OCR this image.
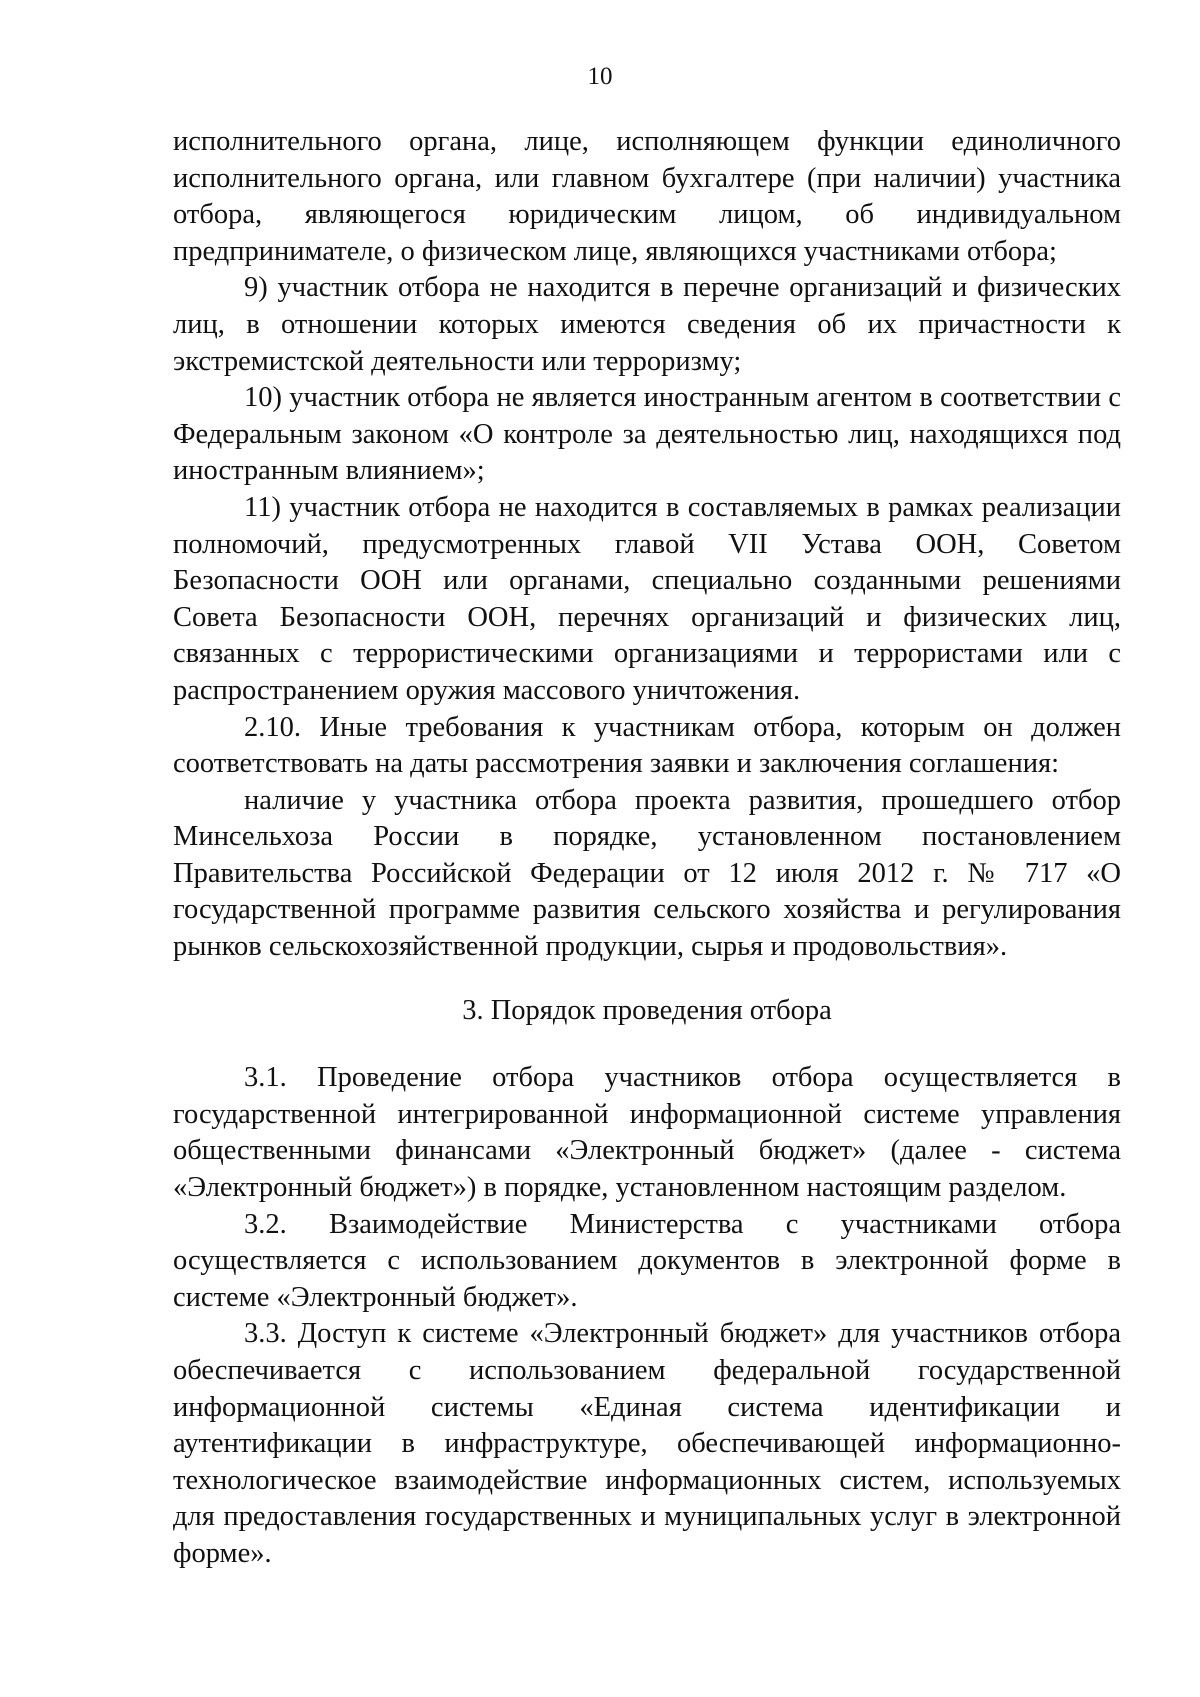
10

исполнительного органа, лице, исполняющем функции единоличного исполнительного органа, или главном бухгалтере (при наличии) участника отбора, являющегося юридическим лицом, об индивидуальном предпринимателе, о физическом лице, являющихся участниками отбора;

9) участник отбора не находится в перечне организаций и физических лиц, в отношении которых имеются сведения об их причастности к экстремистской деятельности или терроризму;

10) участник отбора не является иностранным агентом в соответствии с Федеральным законом «О контроле за деятельностью лиц, находящихся под иностранным влиянием»;

11) участник отбора не находится в составляемых в рамках реализации полномочий, предусмотренных главой VII Устава ООН, Советом Безопасности ООН или органами, специально созданными решениями Совета Безопасности ООН, перечнях организаций и физических лиц, связанных с террористическими организациями и террористами или с распространением оружия массового уничтожения.

2.10. Иные требования к участникам отбора, которым он должен соответствовать на даты рассмотрения заявки и заключения соглашения:

наличие у участника отбора проекта развития, прошедшего отбор Минсельхоза России в порядке, установленном постановлением Правительства Российской Федерации от 12 июля 2012 г. № 717 «О государственной программе развития сельского хозяйства и регулирования рынков сельскохозяйственной продукции, сырья и продовольствия».

3. Порядок проведения отбора

3.1. Проведение отбора участников отбора осуществляется в государственной интегрированной информационной системе управления общественными финансами «Электронный бюджет» (далее - система «Электронный бюджет») в порядке, установленном настоящим разделом.

3.2. Взаимодействие Министерства с участниками отбора осуществляется с использованием документов в электронной форме в системе «Электронный бюджет».

3.3. Доступ к системе «Электронный бюджет» для участников отбора обеспечивается с использованием федеральной государственной информационной системы «Единая система идентификации и аутентификации в инфраструктуре, обеспечивающей информационно-технологическое взаимодействие информационных систем, используемых для предоставления государственных и муниципальных услуг в электронной форме».
